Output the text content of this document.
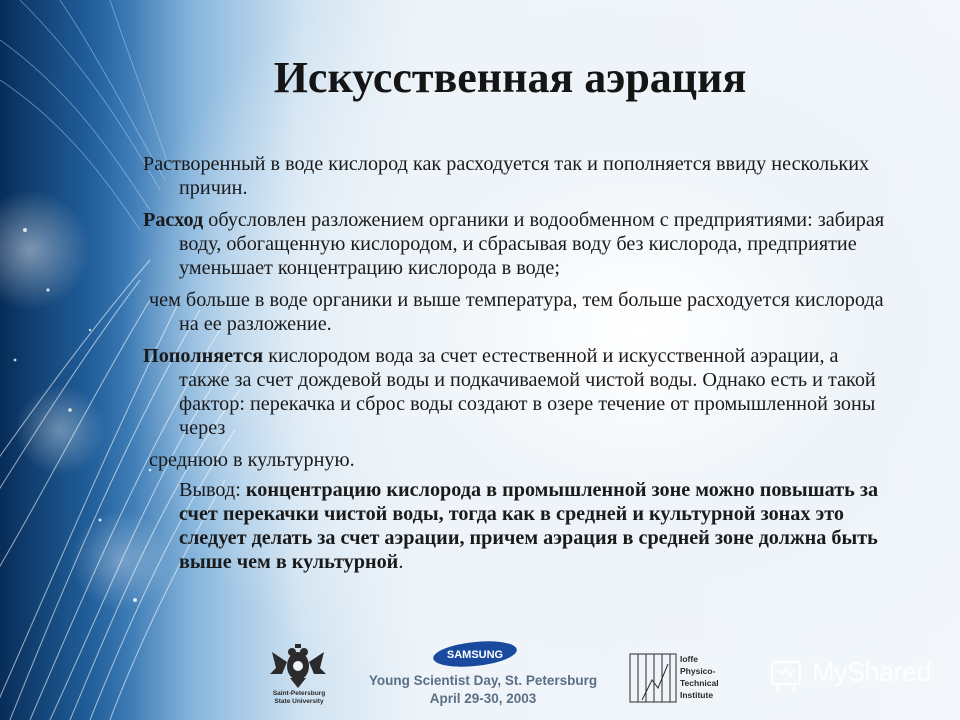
Искусственная аэрация

Растворенный в воде кислород как расходуется так и пополняется ввиду нескольких причин.

Расход обусловлен разложением органики и водообменном с предприятиями: забирая воду, обогащенную кислородом, и сбрасывая воду без кислорода, предприятие уменьшает концентрацию кислорода в воде;

чем больше в воде органики и выше температура, тем больше расходуется кислорода на ее разложение.

Пополняется кислородом вода за счет естественной и искусственной аэрации, а также за счет дождевой воды и подкачиваемой чистой воды. Однако есть и такой фактор: перекачка и сброс воды создают в озере течение от промышленной зоны через

среднюю в культурную.

Вывод: концентрацию кислорода в промышленной зоне можно повышать за счет перекачки чистой воды, тогда как в средней и культурной зонах это следует делать за счет аэрации, причем аэрация в средней зоне должна быть выше чем в культурной.

Saint-Petersburg
State University
SAMSUNG
Young Scientist Day, St. Petersburg
April 29-30, 2003
Ioffe
Physico-
Technical
Institute
MyShared
